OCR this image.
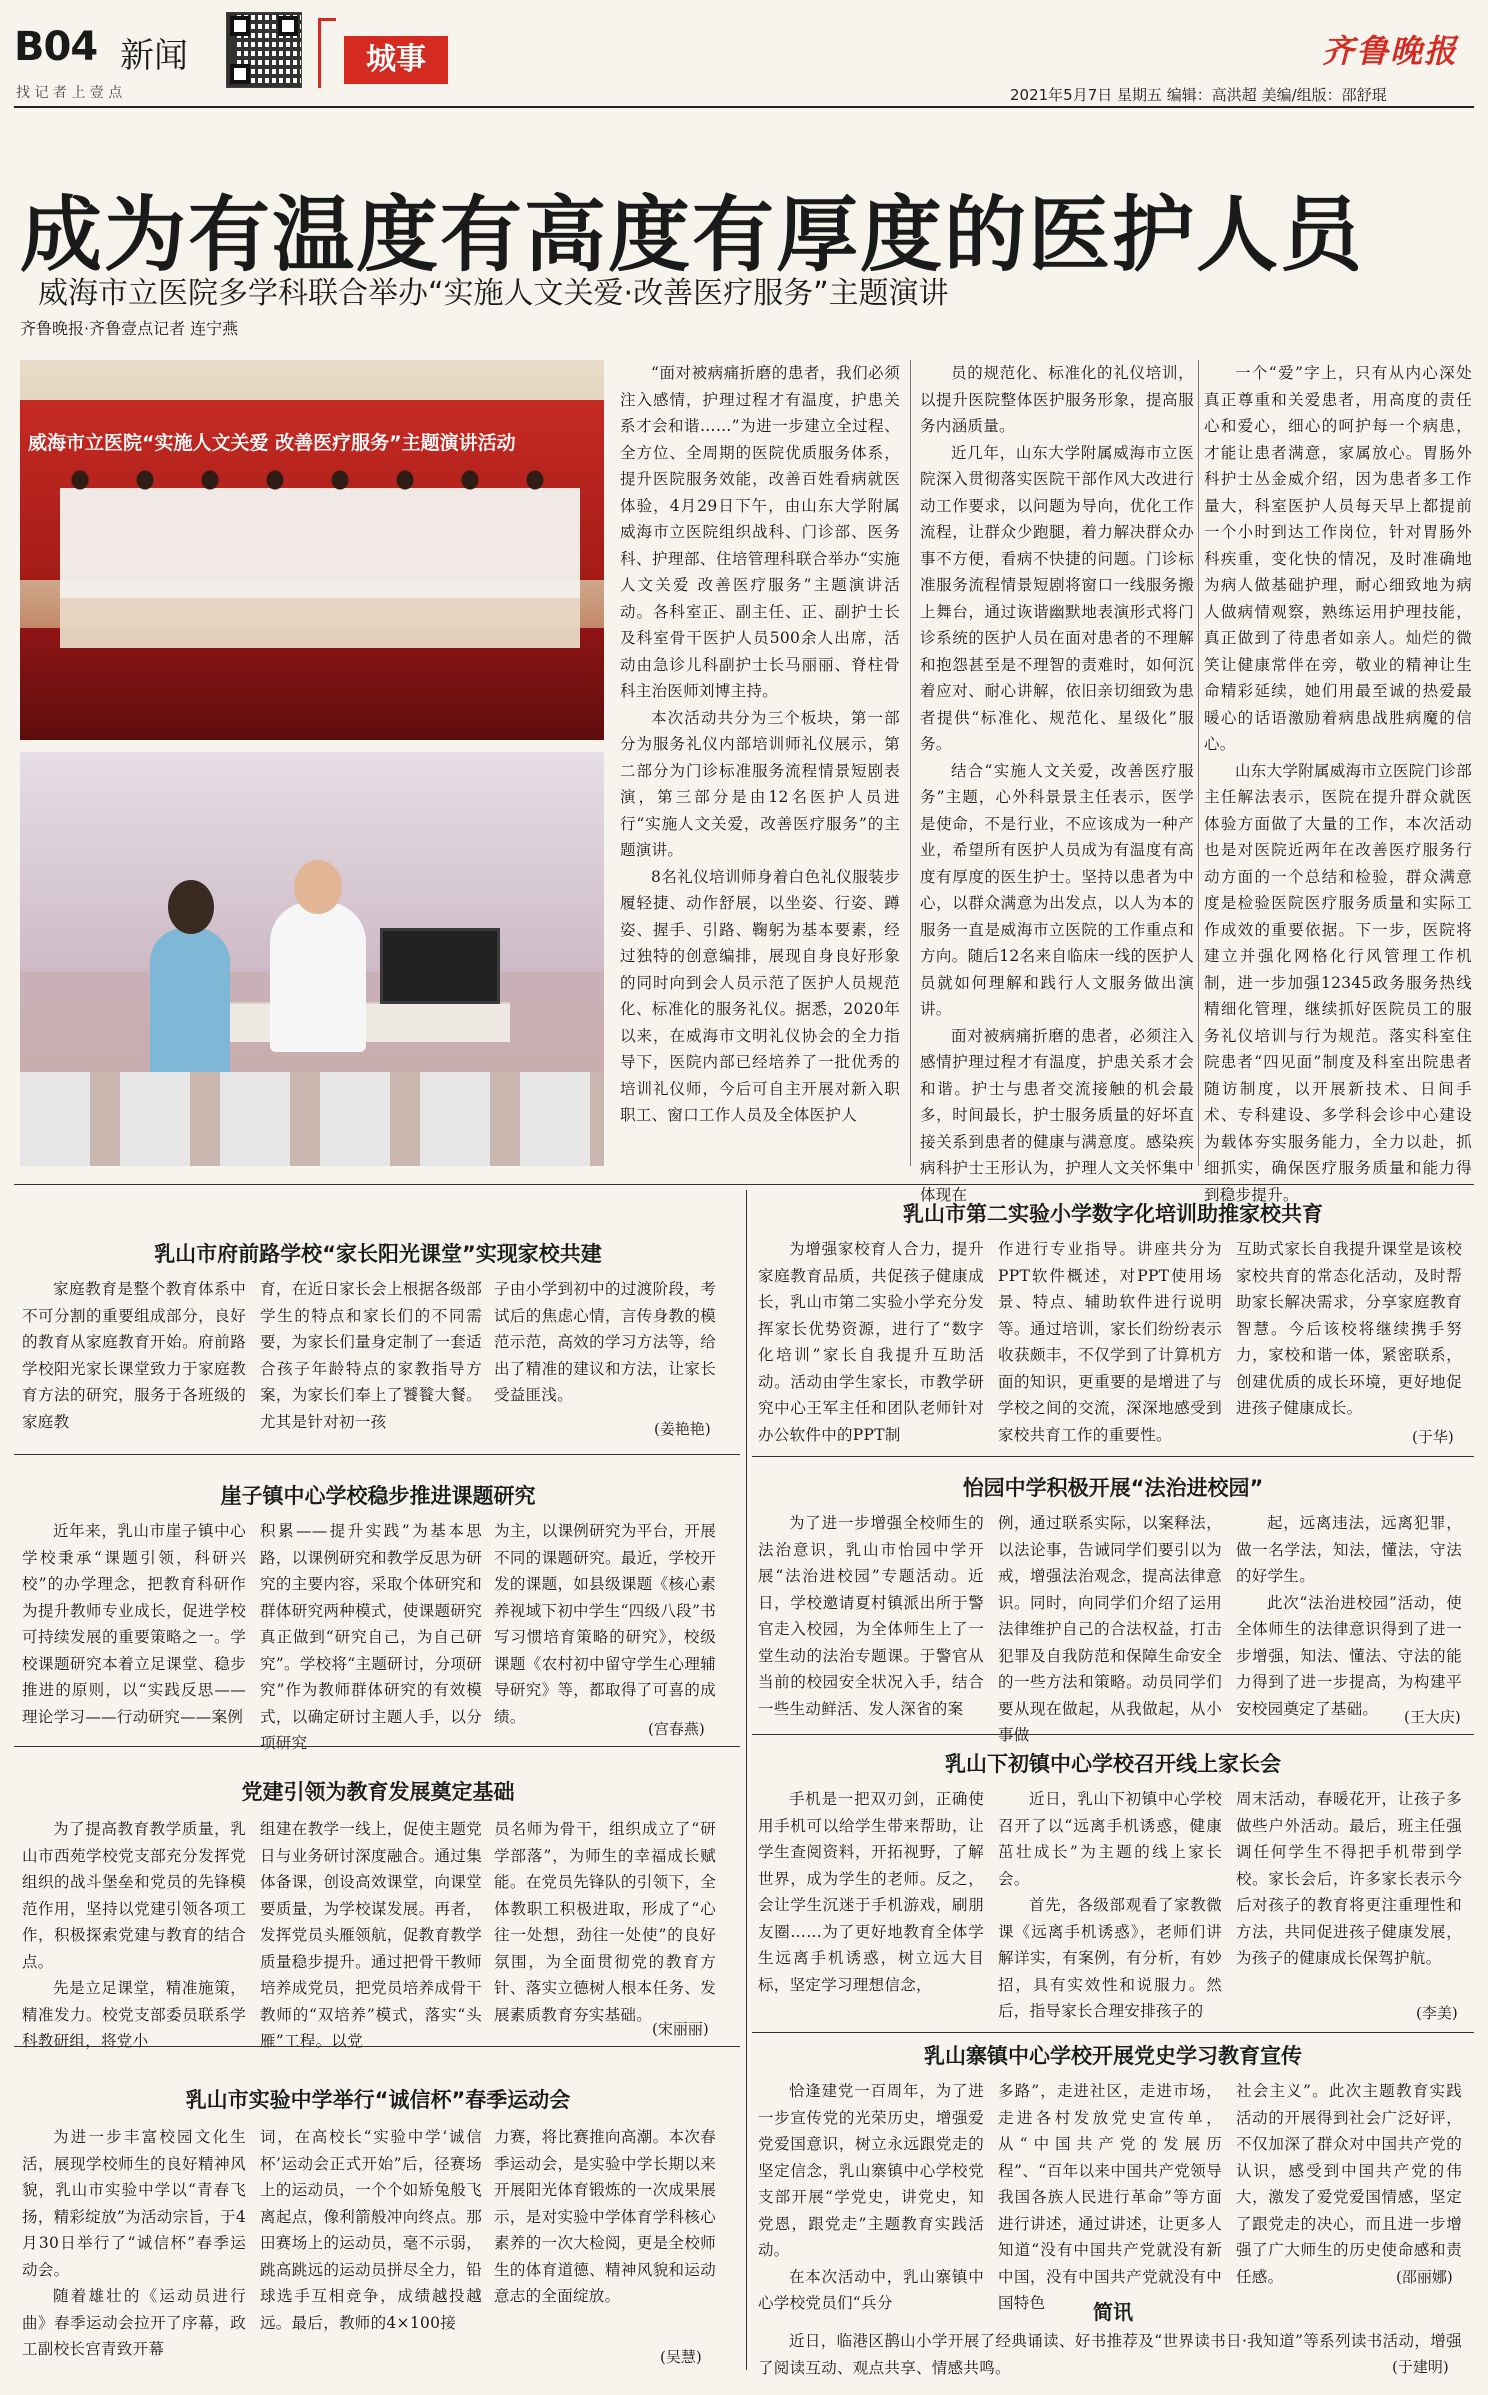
B04 新闻
找 记 者 上 壹 点
城事	齐鲁晚报
2021年5月7日 星期五 编辑：高洪超 美编/组版：邵舒琨
成为有温度有高度有厚度的医护人员
威海市立医院多学科联合举办“实施人文关爱·改善医疗服务”主题演讲
齐鲁晚报·齐鲁壹点记者 连宁燕
威海市立医院“实施人文关爱 改善医疗服务”主题演讲活动
“面对被病痛折磨的患者，我们必须注入感情，护理过程才有温度，护患关系才会和谐……”为进一步建立全过程、全方位、全周期的医院优质服务体系，提升医院服务效能，改善百姓看病就医体验，4月29日下午，由山东大学附属威海市立医院组织战科、门诊部、医务科、护理部、住培管理科联合举办“实施人文关爱 改善医疗服务”主题演讲活动。各科室正、副主任、正、副护士长及科室骨干医护人员500余人出席，活动由急诊儿科副护士长马丽丽、脊柱骨科主治医师刘博主持。
本次活动共分为三个板块，第一部分为服务礼仪内部培训师礼仪展示，第二部分为门诊标准服务流程情景短剧表演，第三部分是由12名医护人员进行“实施人文关爱，改善医疗服务”的主题演讲。
8名礼仪培训师身着白色礼仪服装步履轻捷、动作舒展，以坐姿、行姿、蹲姿、握手、引路、鞠躬为基本要素，经过独特的创意编排，展现自身良好形象的同时向到会人员示范了医护人员规范化、标准化的服务礼仪。据悉，2020年以来，在威海市文明礼仪协会的全力指导下，医院内部已经培养了一批优秀的培训礼仪师，今后可自主开展对新入职职工、窗口工作人员及全体医护人
员的规范化、标准化的礼仪培训，以提升医院整体医护服务形象，提高服务内涵质量。
近几年，山东大学附属威海市立医院深入贯彻落实医院干部作风大改进行动工作要求，以问题为导向，优化工作流程，让群众少跑腿，着力解决群众办事不方便，看病不快捷的问题。门诊标准服务流程情景短剧将窗口一线服务搬上舞台，通过诙谐幽默地表演形式将门诊系统的医护人员在面对患者的不理解和抱怨甚至是不理智的责难时，如何沉着应对、耐心讲解，依旧亲切细致为患者提供“标准化、规范化、星级化”服务。
结合“实施人文关爱，改善医疗服务”主题，心外科景景主任表示，医学是使命，不是行业，不应该成为一种产业，希望所有医护人员成为有温度有高度有厚度的医生护士。坚持以患者为中心，以群众满意为出发点，以人为本的服务一直是威海市立医院的工作重点和方向。随后12名来自临床一线的医护人员就如何理解和践行人文服务做出演讲。
面对被病痛折磨的患者，必须注入感情护理过程才有温度，护患关系才会和谐。护士与患者交流接触的机会最多，时间最长，护士服务质量的好坏直接关系到患者的健康与满意度。感染疾病科护士王形认为，护理人文关怀集中体现在
一个“爱”字上，只有从内心深处真正尊重和关爱患者，用高度的责任心和爱心，细心的呵护每一个病患，才能让患者满意，家属放心。胃肠外科护士丛金威介绍，因为患者多工作量大，科室医护人员每天早上都提前一个小时到达工作岗位，针对胃肠外科疾重，变化快的情况，及时准确地为病人做基础护理，耐心细致地为病人做病情观察，熟练运用护理技能，真正做到了待患者如亲人。灿烂的微笑让健康常伴在旁，敬业的精神让生命精彩延续，她们用最至诚的热爱最暖心的话语激励着病患战胜病魔的信心。
山东大学附属威海市立医院门诊部主任解法表示，医院在提升群众就医体验方面做了大量的工作，本次活动也是对医院近两年在改善医疗服务行动方面的一个总结和检验，群众满意度是检验医院医疗服务质量和实际工作成效的重要依据。下一步，医院将建立并强化网格化行风管理工作机制，进一步加强12345政务服务热线精细化管理，继续抓好医院员工的服务礼仪培训与行为规范。落实科室住院患者“四见面”制度及科室出院患者随访制度，以开展新技术、日间手术、专科建设、多学科会诊中心建设为载体夯实服务能力，全力以赴，抓细抓实，确保医疗服务质量和能力得到稳步提升。
乳山市府前路学校“家长阳光课堂”实现家校共建
家庭教育是整个教育体系中不可分割的重要组成部分，良好的教育从家庭教育开始。府前路学校阳光家长课堂致力于家庭教育方法的研究，服务于各班级的家庭教
育，在近日家长会上根据各级部学生的特点和家长们的不同需要，为家长们量身定制了一套适合孩子年龄特点的家教指导方案，为家长们奉上了饕餮大餐。尤其是针对初一孩
子由小学到初中的过渡阶段，考试后的焦虑心情，言传身教的模范示范，高效的学习方法等，给出了精准的建议和方法，让家长受益匪浅。
(姜艳艳)
崖子镇中心学校稳步推进课题研究
近年来，乳山市崖子镇中心学校秉承“课题引领，科研兴校”的办学理念，把教育科研作为提升教师专业成长，促进学校可持续发展的重要策略之一。学校课题研究本着立足课堂、稳步推进的原则，以“实践反思——理论学习——行动研究——案例
积累——提升实践”为基本思路，以课例研究和教学反思为研究的主要内容，采取个体研究和群体研究两种模式，使课题研究真正做到“研究自己，为自己研究”。学校将“主题研讨，分项研究”作为教师群体研究的有效模式，以确定研讨主题人手，以分项研究
为主，以课例研究为平台，开展不同的课题研究。最近，学校开发的课题，如县级课题《核心素养视域下初中学生“四级八段”书写习惯培育策略的研究》，校级课题《农村初中留守学生心理辅导研究》等，都取得了可喜的成绩。
(宫春燕)
党建引领为教育发展奠定基础
为了提高教育教学质量，乳山市西苑学校党支部充分发挥党组织的战斗堡垒和党员的先锋模范作用，坚持以党建引领各项工作，积极探索党建与教育的结合点。
先是立足课堂，精准施策，精准发力。校党支部委员联系学科教研组，将党小
组建在教学一线上，促使主题党日与业务研讨深度融合。通过集体备课，创设高效课堂，向课堂要质量，为学校谋发展。再者，发挥党员头雁领航，促教育教学质量稳步提升。通过把骨干教师培养成党员，把党员培养成骨干教师的“双培养”模式，落实“头雁”工程。以党
员名师为骨干，组织成立了“研学部落”，为师生的幸福成长赋能。在党员先锋队的引领下，全体教职工积极进取，形成了“心往一处想，劲往一处使”的良好氛围，为全面贯彻党的教育方针、落实立德树人根本任务、发展素质教育夯实基础。
(宋丽丽)
乳山市实验中学举行“诚信杯”春季运动会
为进一步丰富校园文化生活，展现学校师生的良好精神风貌，乳山市实验中学以“青春飞扬，精彩绽放”为活动宗旨，于4月30日举行了“诚信杯”春季运动会。
随着雄壮的《运动员进行曲》春季运动会拉开了序幕，政工副校长宫青致开幕
词，在高校长“实验中学‘诚信杯’运动会正式开始”后，径赛场上的运动员，一个个如矫兔般飞离起点，像利箭般冲向终点。那田赛场上的运动员，毫不示弱，跳高跳远的运动员拼尽全力，铅球选手互相竞争，成绩越投越远。最后，教师的4×100接
力赛，将比赛推向高潮。本次春季运动会，是实验中学长期以来开展阳光体育锻炼的一次成果展示，是对实验中学体育学科核心素养的一次大检阅，更是全校师生的体育道德、精神风貌和运动意志的全面绽放。
(吴慧)
乳山市第二实验小学数字化培训助推家校共育
为增强家校育人合力，提升家庭教育品质，共促孩子健康成长，乳山市第二实验小学充分发挥家长优势资源，进行了“数字化培训”家长自我提升互助活动。活动由学生家长，市教学研究中心王军主任和团队老师针对办公软件中的PPT制
作进行专业指导。讲座共分为PPT软件概述，对PPT使用场景、特点、辅助软件进行说明等。通过培训，家长们纷纷表示收获颇丰，不仅学到了计算机方面的知识，更重要的是增进了与学校之间的交流，深深地感受到家校共育工作的重要性。
互助式家长自我提升课堂是该校家校共育的常态化活动，及时帮助家长解决需求，分享家庭教育智慧。今后该校将继续携手努力，家校和谐一体，紧密联系，创建优质的成长环境，更好地促进孩子健康成长。
(于华)
怡园中学积极开展“法治进校园”
为了进一步增强全校师生的法治意识，乳山市怡园中学开展“法治进校园”专题活动。近日，学校邀请夏村镇派出所于警官走入校园，为全体师生上了一堂生动的法治专题课。于警官从当前的校园安全状况入手，结合一些生动鲜活、发人深省的案
例，通过联系实际，以案释法，以法论事，告诫同学们要引以为戒，增强法治观念，提高法律意识。同时，向同学们介绍了运用法律维护自己的合法权益，打击犯罪及自我防范和保障生命安全的一些方法和策略。动员同学们要从现在做起，从我做起，从小事做
起，远离违法，远离犯罪，做一名学法，知法，懂法，守法的好学生。
此次“法治进校园”活动，使全体师生的法律意识得到了进一步增强，知法、懂法、守法的能力得到了进一步提高，为构建平安校园奠定了基础。	(王大庆)
乳山下初镇中心学校召开线上家长会
手机是一把双刃剑，正确使用手机可以给学生带来帮助，让学生查阅资料，开拓视野，了解世界，成为学生的老师。反之，会让学生沉迷于手机游戏，刷朋友圈……为了更好地教育全体学生远离手机诱惑，树立远大目标，坚定学习理想信念，
近日，乳山下初镇中心学校召开了以“远离手机诱惑，健康茁壮成长”为主题的线上家长会。
首先，各级部观看了家教微课《远离手机诱惑》，老师们讲解详实，有案例，有分析，有妙招，具有实效性和说服力。然后，指导家长合理安排孩子的
周末活动，春暖花开，让孩子多做些户外活动。最后，班主任强调任何学生不得把手机带到学校。家长会后，许多家长表示今后对孩子的教育将更注重理性和方法，共同促进孩子健康发展，为孩子的健康成长保驾护航。
(李美)
乳山寨镇中心学校开展党史学习教育宣传
恰逢建党一百周年，为了进一步宣传党的光荣历史，增强爱党爱国意识，树立永远跟党走的坚定信念，乳山寨镇中心学校党支部开展“学党史，讲党史，知党恩，跟党走”主题教育实践活动。
在本次活动中，乳山寨镇中心学校党员们“兵分
多路”，走进社区，走进市场，走进各村发放党史宣传单，从“中国共产党的发展历程”、“百年以来中国共产党领导我国各族人民进行革命”等方面进行讲述，通过讲述，让更多人知道“没有中国共产党就没有新中国，没有中国共产党就没有中国特色
社会主义”。此次主题教育实践活动的开展得到社会广泛好评，不仅加深了群众对中国共产党的认识，感受到中国共产党的伟大，激发了爱党爱国情感，坚定了跟党走的决心，而且进一步增强了广大师生的历史使命感和责任感。	(邵丽娜)
简讯
近日，临港区鹊山小学开展了经典诵读、好书推荐及“世界读书日·我知道”等系列读书活动，增强了阅读互动、观点共享、情感共鸣。	(于建明)
